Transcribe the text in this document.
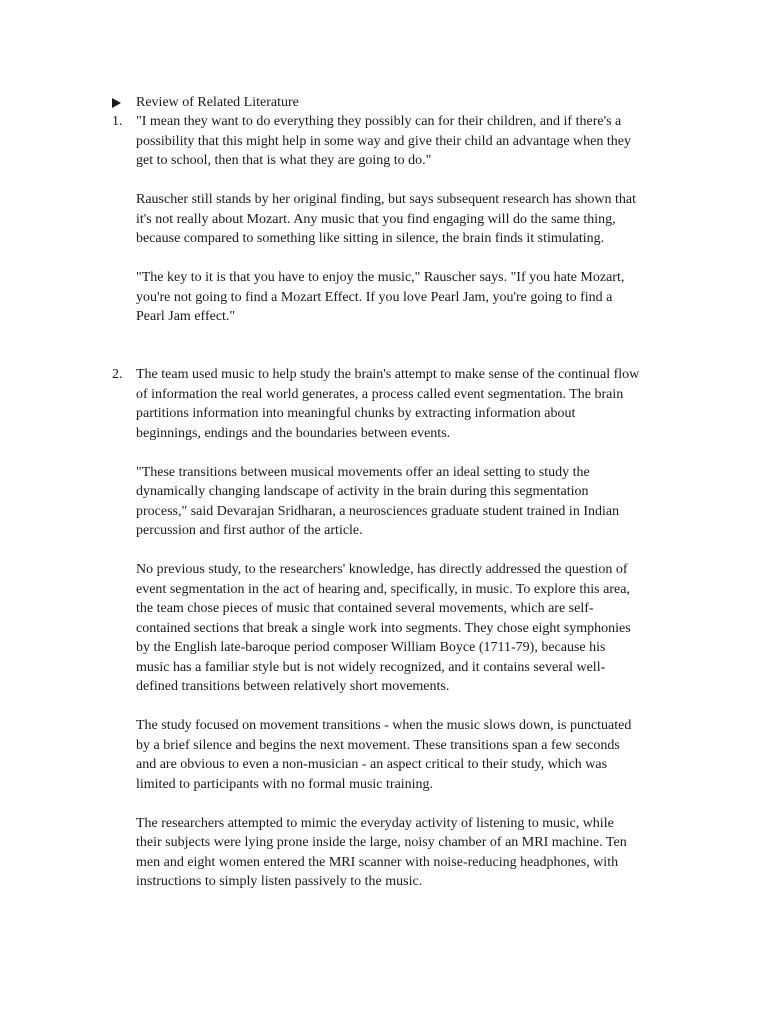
Review of Related Literature
1. "I mean they want to do everything they possibly can for their children, and if there's a
possibility that this might help in some way and give their child an advantage when they
get to school, then that is what they are going to do."

Rauscher still stands by her original finding, but says subsequent research has shown that
it's not really about Mozart. Any music that you find engaging will do the same thing,
because compared to something like sitting in silence, the brain finds it stimulating.

"The key to it is that you have to enjoy the music," Rauscher says. "If you hate Mozart,
you're not going to find a Mozart Effect. If you love Pearl Jam, you're going to find a
Pearl Jam effect."

2. The team used music to help study the brain's attempt to make sense of the continual flow
of information the real world generates, a process called event segmentation. The brain
partitions information into meaningful chunks by extracting information about
beginnings, endings and the boundaries between events.

"These transitions between musical movements offer an ideal setting to study the
dynamically changing landscape of activity in the brain during this segmentation
process," said Devarajan Sridharan, a neurosciences graduate student trained in Indian
percussion and first author of the article.

No previous study, to the researchers' knowledge, has directly addressed the question of
event segmentation in the act of hearing and, specifically, in music. To explore this area,
the team chose pieces of music that contained several movements, which are self-
contained sections that break a single work into segments. They chose eight symphonies
by the English late-baroque period composer William Boyce (1711-79), because his
music has a familiar style but is not widely recognized, and it contains several well-
defined transitions between relatively short movements.

The study focused on movement transitions - when the music slows down, is punctuated
by a brief silence and begins the next movement. These transitions span a few seconds
and are obvious to even a non-musician - an aspect critical to their study, which was
limited to participants with no formal music training.

The researchers attempted to mimic the everyday activity of listening to music, while
their subjects were lying prone inside the large, noisy chamber of an MRI machine. Ten
men and eight women entered the MRI scanner with noise-reducing headphones, with
instructions to simply listen passively to the music.
